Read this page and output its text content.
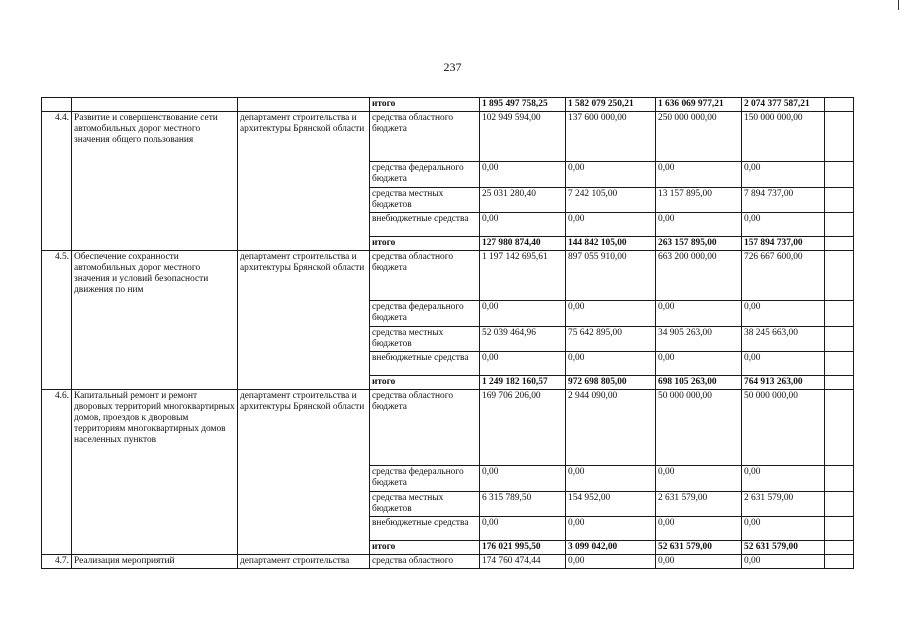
237
			итого	1 895 497 758,25	1 582 079 250,21	1 636 069 977,21	2 074 377 587,21	
4.4.	Развитие и совершенствование сети автомобильных дорог местного значения общего пользования	департамент строительства и архитектуры Брянской области	средства областного бюджета	102 949 594,00	137 600 000,00	250 000 000,00	150 000 000,00	
			средства федерального бюджета	0,00	0,00	0,00	0,00	
			средства местных бюджетов	25 031 280,40	7 242 105,00	13 157 895,00	7 894 737,00	
			внебюджетные средства	0,00	0,00	0,00	0,00	
			итого	127 980 874,40	144 842 105,00	263 157 895,00	157 894 737,00	
4.5.	Обеспечение сохранности автомобильных дорог местного значения и условий безопасности движения по ним	департамент строительства и архитектуры Брянской области	средства областного бюджета	1 197 142 695,61	897 055 910,00	663 200 000,00	726 667 600,00	
			средства федерального бюджета	0,00	0,00	0,00	0,00	
			средства местных бюджетов	52 039 464,96	75 642 895,00	34 905 263,00	38 245 663,00	
			внебюджетные средства	0,00	0,00	0,00	0,00	
			итого	1 249 182 160,57	972 698 805,00	698 105 263,00	764 913 263,00	
4.6.	Капитальный ремонт и ремонт дворовых территорий многоквартирных домов, проездов к дворовым территориям многоквартирных домов населенных пунктов	департамент строительства и архитектуры Брянской области	средства областного бюджета	169 706 206,00	2 944 090,00	50 000 000,00	50 000 000,00	
			средства федерального бюджета	0,00	0,00	0,00	0,00	
			средства местных бюджетов	6 315 789,50	154 952,00	2 631 579,00	2 631 579,00	
			внебюджетные средства	0,00	0,00	0,00	0,00	
			итого	176 021 995,50	3 099 042,00	52 631 579,00	52 631 579,00	
4.7.	Реализация мероприятий	департамент строительства	средства областного	174 760 474,44	0,00	0,00	0,00	
